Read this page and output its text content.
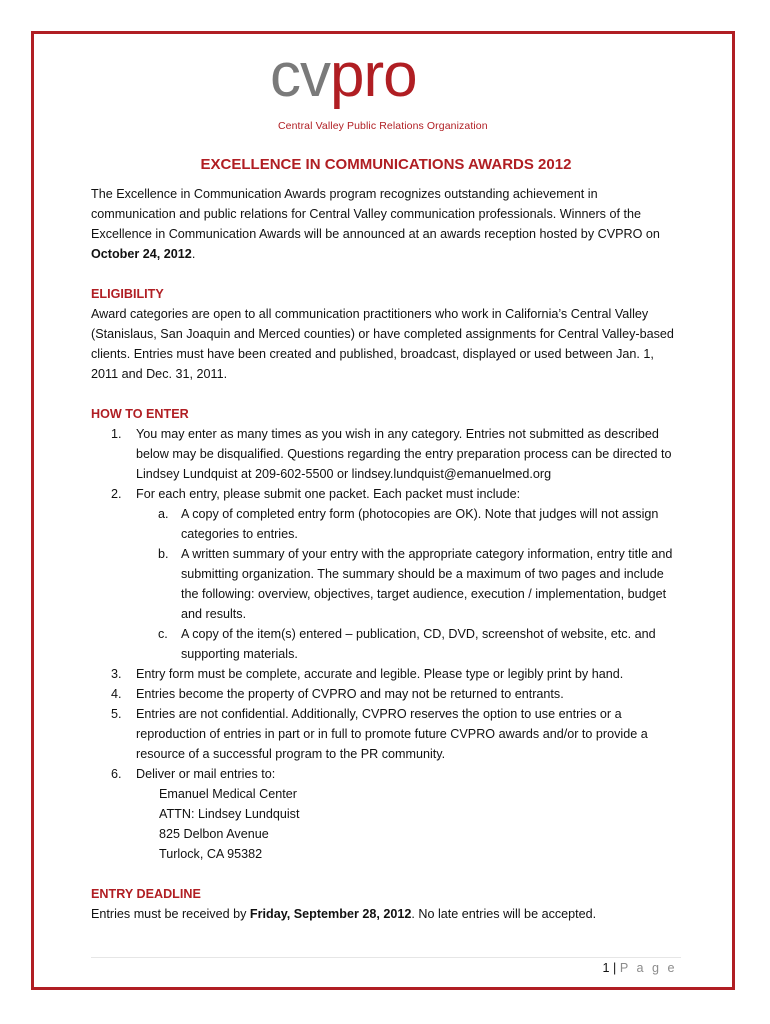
cvpro
Central Valley Public Relations Organization
EXCELLENCE IN COMMUNICATIONS AWARDS 2012

The Excellence in Communication Awards program recognizes outstanding achievement in communication and public relations for Central Valley communication professionals. Winners of the Excellence in Communication Awards will be announced at an awards reception hosted by CVPRO on October 24, 2012.

ELIGIBILITY

Award categories are open to all communication practitioners who work in California’s Central Valley (Stanislaus, San Joaquin and Merced counties) or have completed assignments for Central Valley-based clients. Entries must have been created and published, broadcast, displayed or used between Jan. 1, 2011 and Dec. 31, 2011.

HOW TO ENTER

1. You may enter as many times as you wish in any category. Entries not submitted as described below may be disqualified. Questions regarding the entry preparation process can be directed to Lindsey Lundquist at 209-602-5500 or lindsey.lundquist@emanuelmed.org
2. For each entry, please submit one packet. Each packet must include:
a. A copy of completed entry form (photocopies are OK). Note that judges will not assign categories to entries.
b. A written summary of your entry with the appropriate category information, entry title and submitting organization. The summary should be a maximum of two pages and include the following: overview, objectives, target audience, execution / implementation, budget and results.
c. A copy of the item(s) entered – publication, CD, DVD, screenshot of website, etc. and supporting materials.
3. Entry form must be complete, accurate and legible. Please type or legibly print by hand.
4. Entries become the property of CVPRO and may not be returned to entrants.
5. Entries are not confidential. Additionally, CVPRO reserves the option to use entries or a reproduction of entries in part or in full to promote future CVPRO awards and/or to provide a resource of a successful program to the PR community.
6. Deliver or mail entries to:
Emanuel Medical Center
ATTN: Lindsey Lundquist
825 Delbon Avenue
Turlock, CA 95382

ENTRY DEADLINE

Entries must be received by Friday, September 28, 2012. No late entries will be accepted.

1 | P a g e
